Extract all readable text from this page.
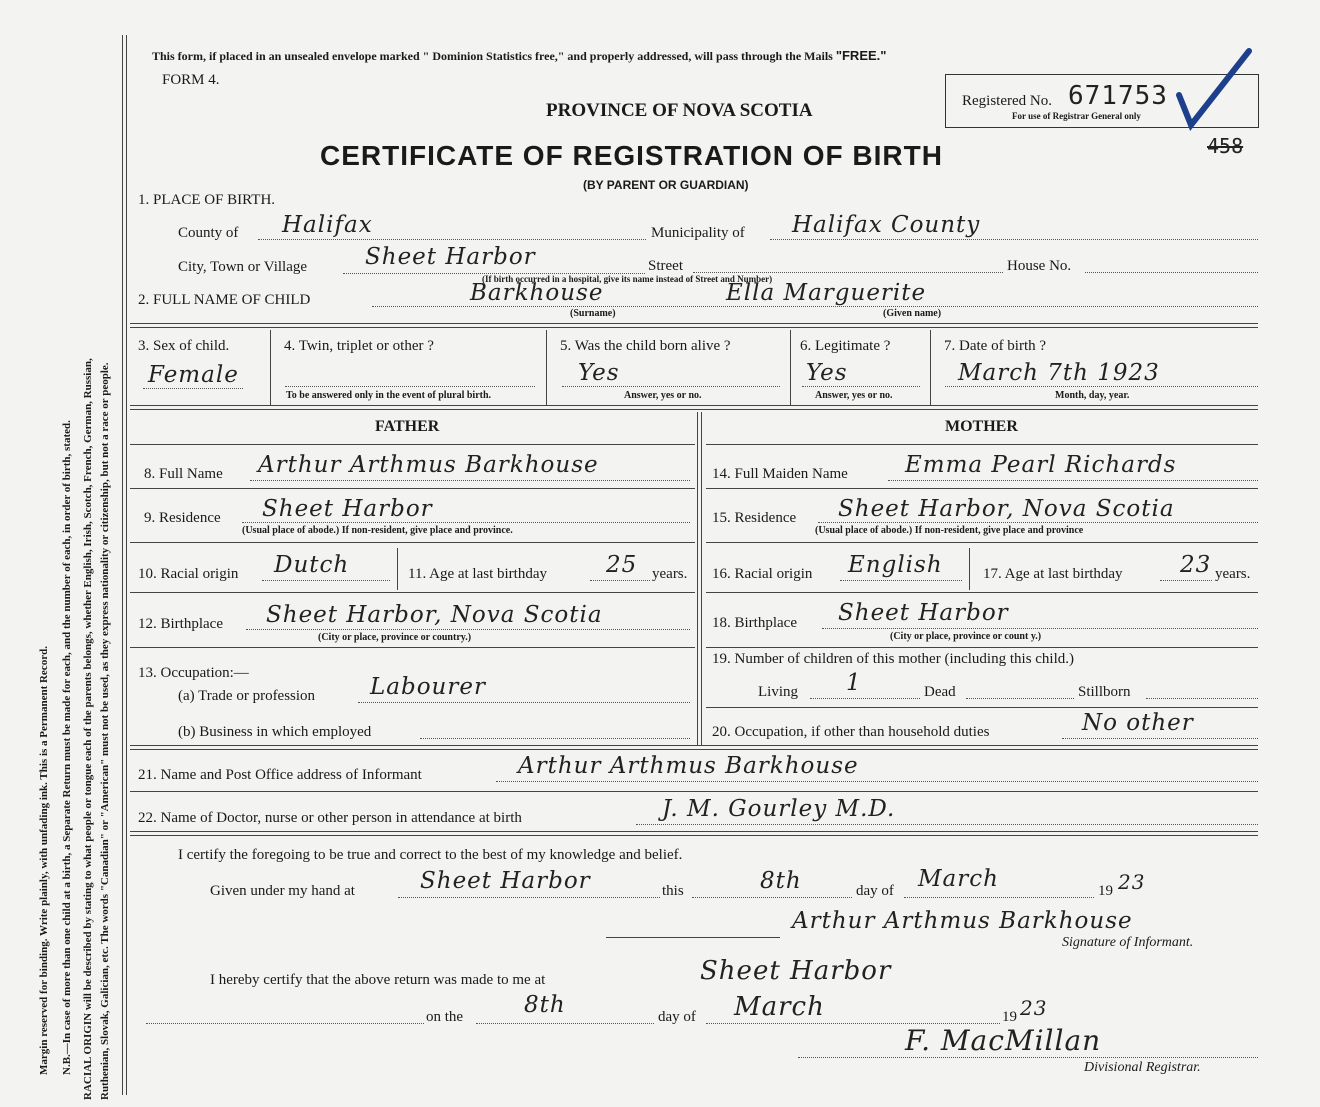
Margin reserved for binding. Write plainly, with unfading ink. This is a Permanent Record. N.B.—In case of more than one child at a birth, a Separate Return must be made for each, and the number of each, in order of birth, stated. RACIAL ORIGIN will be described by stating to what people or tongue each of the parents belongs, whether English, Irish, Scotch, French, German, Russian, Ruthenian, Slovak, Galician, etc. The words "Canadian" or "American" must not be used, as they express nationality or citizenship, but not a race or people.
This form, if placed in an unsealed envelope marked " Dominion Statistics free," and properly addressed, will pass through the Mails "FREE."
FORM 4.
PROVINCE OF NOVA SCOTIA
CERTIFICATE OF REGISTRATION OF BIRTH
(BY PARENT OR GUARDIAN)
Registered No. 671753
For use of Registrar General only
458
1. PLACE OF BIRTH.
County of Halifax	Municipality of Halifax County
City, Town or Village	Sheet Harbor	Street	House No.
(If birth occurred in a hospital, give its name instead of Street and Number)
2. FULL NAME OF CHILD	Barkhouse	Ella Marguerite
(Surname)	(Given name)
3. Sex of child.
Female
4. Twin, triplet or other ?
To be answered only in the event of plural birth.
5. Was the child born alive ?
Yes
Answer, yes or no.
6. Legitimate ?
Yes
Answer, yes or no.
7. Date of birth ?
March 7th 1923
Month, day, year.
FATHER
8. Full Name Arthur Arthmus Barkhouse
9. Residence Sheet Harbor
(Usual place of abode.) If non-resident, give place and province.
10. Racial origin Dutch	11. Age at last birthday	25 years.
12. Birthplace Sheet Harbor, Nova Scotia
(City or place, province or country.)
13. Occupation:—
(a) Trade or profession Labourer
(b) Business in which employed
MOTHER
14. Full Maiden Name Emma Pearl Richards
15. Residence Sheet Harbor, Nova Scotia
(Usual place of abode.) If non-resident, give place and province
16. Racial origin English	17. Age at last birthday 23 years.
18. Birthplace Sheet Harbor
(City or place, province or count y.)
19. Number of children of this mother (including this child.)
Living 1	Dead	Stillborn
20. Occupation, if other than household duties	No other
21. Name and Post Office address of Informant	Arthur Arthmus Barkhouse
22. Name of Doctor, nurse or other person in attendance at birth	J. M. Gourley M.D.
I certify the foregoing to be true and correct to the best of my knowledge and belief.
Given under my hand at	Sheet Harbor	this	8th	day of March	19 23
Arthur Arthmus Barkhouse
Signature of Informant.
I hereby certify that the above return was made to me at	Sheet Harbor
on the	8th	day of March	19 23
F. MacMillan
Divisional Registrar.
